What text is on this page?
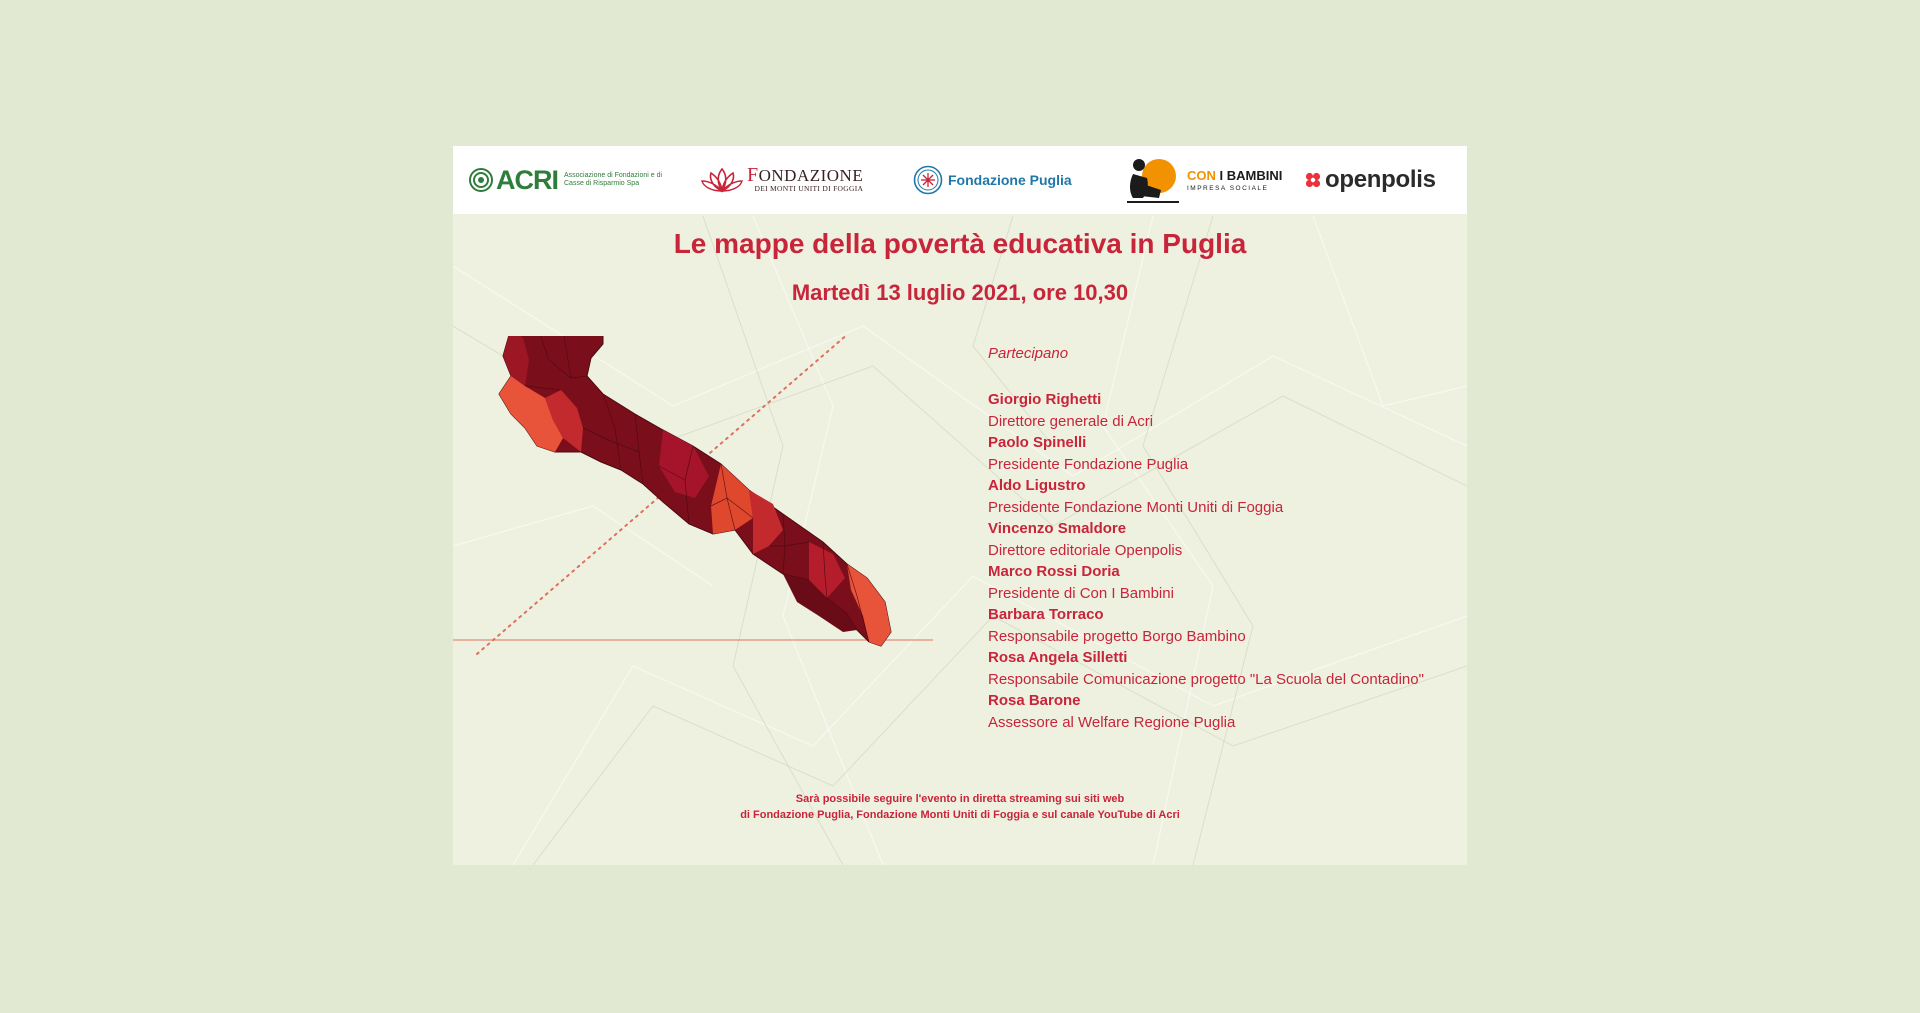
ACRI Associazione di Fondazioni e di Casse di Risparmio Spa	FONDAZIONE
DEI MONTI UNITI DI FOGGIA
Fondazione Puglia	CON I BAMBINI
IMPRESA SOCIALE	openpolis
Le mappe della povertà educativa in Puglia
Martedì 13 luglio 2021, ore 10,30

Partecipano

Giorgio Righetti
Direttore generale di Acri
Paolo Spinelli
Presidente Fondazione Puglia
Aldo Ligustro
Presidente Fondazione Monti Uniti di Foggia
Vincenzo Smaldore
Direttore editoriale Openpolis
Marco Rossi Doria
Presidente di Con I Bambini
Barbara Torraco
Responsabile progetto Borgo Bambino
Rosa Angela Silletti
Responsabile Comunicazione progetto "La Scuola del Contadino"
Rosa Barone
Assessore al Welfare Regione Puglia
Sarà possibile seguire l'evento in diretta streaming sui siti web
di Fondazione Puglia, Fondazione Monti Uniti di Foggia e sul canale YouTube di Acri
